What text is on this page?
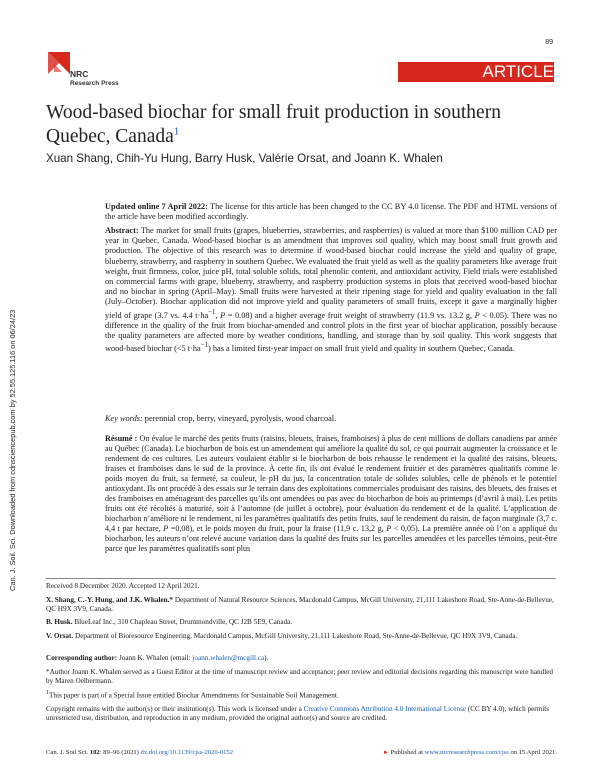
Can. J. Soil. Sci. Downloaded from cdnsciencepub.com by 52.55.125.116 on 06/24/23
89
NRC
Research Press
ARTICLE
Wood-based biochar for small fruit production in southern Quebec, Canada$^1$
Xuan Shang, Chih-Yu Hung, Barry Husk, Valérie Orsat, and Joann K. Whalen
Updated online 7 April 2022: The license for this article has been changed to the CC BY 4.0 license. The PDF and HTML versions of the article have been modified accordingly.
Abstract: The market for small fruits (grapes, blueberries, strawberries, and raspberries) is valued at more than $100 million CAD per year in Quebec, Canada. Wood-based biochar is an amendment that improves soil quality, which may boost small fruit growth and production. The objective of this research was to determine if wood-based biochar could increase the yield and quality of grape, blueberry, strawberry, and raspberry in southern Quebec. We evaluated the fruit yield as well as the quality parameters like average fruit weight, fruit firmness, color, juice pH, total soluble solids, total phenolic content, and antioxidant activity. Field trials were established on commercial farms with grape, blueberry, strawberry, and raspberry production systems in plots that received wood-based biochar and no biochar in spring (April–May). Small fruits were harvested at their ripening stage for yield and quality evaluation in the fall (July–October). Biochar application did not improve yield and quality parameters of small fruits, except it gave a marginally higher yield of grape (3.7 vs. 4.4 $t\cdot ha^{-1}$, P = 0.08) and a higher average fruit weight of strawberry (11.9 vs. 13.2 g, P < 0.05). There was no difference in the quality of the fruit from biochar-amended and control plots in the first year of biochar application, possibly because the quality parameters are affected more by weather conditions, handling, and storage than by soil quality. This work suggests that wood-based biochar (<5 $t\cdot ha^{-1}$) has a limited first-year impact on small fruit yield and quality in southern Quebec, Canada.
Key words: perennial crop, berry, vineyard, pyrolysis, wood charcoal.
Résumé : On évalue le marché des petits fruits (raisins, bleuets, fraises, framboises) à plus de cent millions de dollars canadiens par année au Québec (Canada). Le biocharbon de bois est un amendement qui améliore la qualité du sol, ce qui pourrait augmenter la croissance et le rendement de ces cultures. Les auteurs voulaient établir si le biocharbon de bois rehausse le rendement et la qualité des raisins, bleuets, fraises et framboises dans le sud de la province. À cette fin, ils ont évalué le rendement fruitier et des paramètres qualitatifs comme le poids moyen du fruit, sa fermeté, sa couleur, le pH du jus, la concentration totale de solides solubles, celle de phénols et le potentiel antioxydant. Ils ont procédé à des essais sur le terrain dans des exploitations commerciales produisant des raisins, des bleuets, des fraises et des framboises en aménageant des parcelles qu’ils ont amendées ou pas avec du biocharbon de bois au printemps (d’avril à mai). Les petits fruits ont été récoltés à maturité, soit à l’automne (de juillet à octobre), pour évaluation du rendement et de la qualité. L’application de biocharbon n’améliore ni le rendement, ni les paramètres qualitatifs des petits fruits, sauf le rendement du raisin, de façon marginale (3,7 c. 4,4 t par hectare, P =0,08), et le poids moyen du fruit, pour la fraise (11,9 c. 13,2 g, P < 0,05). La première année où l’on a appliqué du biocharbon, les auteurs n’ont relevé aucune variation dans la qualité des fruits sur les parcelles amendées et les parcelles témoins, peut-être parce que les paramètres qualitatifs sont plus
Received 8 December 2020. Accepted 12 April 2021.
X. Shang, C.-Y. Hung, and J.K. Whalen.* Department of Natural Resource Sciences, Macdonald Campus, McGill University, 21,111 Lakeshore Road, Ste-Anne-de-Bellevue, QC H9X 3V9, Canada.
B. Husk. BlueLeaf Inc., 310 Chapleau Street, Drummondville, QC J2B 5E9, Canada.
V. Orsat. Department of Bioresource Engineering, Macdonald Campus, McGill University, 21,111 Lakeshore Road, Ste-Anne-de-Bellevue, QC H9X 3V9, Canada.
Corresponding author: Joann K. Whalen (email: joann.whalen@mcgill.ca).
*Author Joann K. Whalen served as a Guest Editor at the time of manuscript review and acceptance; peer review and editorial decisions regarding this manuscript were handled by Maren Oelbermann.
$^1$This paper is part of a Special Issue entitled Biochar Amendments for Sustainable Soil Management.
Copyright remains with the author(s) or their institution(s). This work is licensed under a Creative Commons Attribution 4.0 International License (CC BY 4.0), which permits unrestricted use, distribution, and reproduction in any medium, provided the original author(s) and source are credited.
Can. J. Soil Sci. 102: 89–96 (2021) dx.doi.org/10.1139/cjss-2020-0152	► Published at www.nrcresearchpress.com/cjss on 15 April 2021.
